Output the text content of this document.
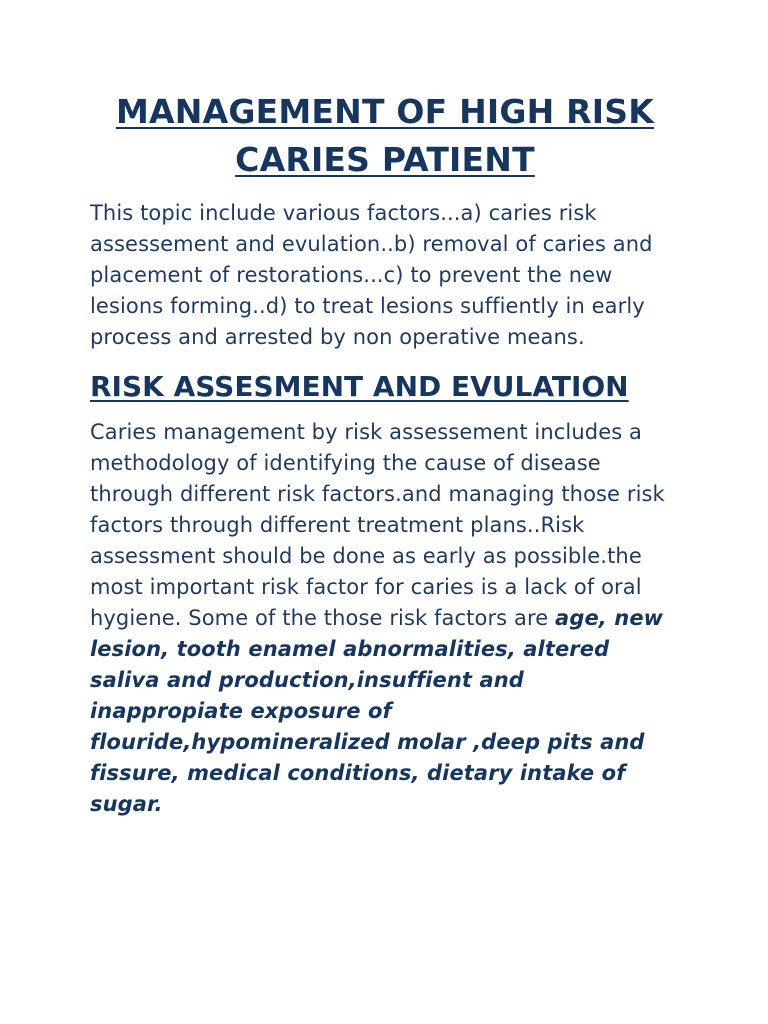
MANAGEMENT OF HIGH RISK
CARIES PATIENT

This topic include various factors...a) caries risk assessement and evulation..b) removal of caries and placement of restorations...c) to prevent the new lesions forming..d) to treat lesions suffiently in early process and arrested by non operative means.

RISK ASSESMENT AND EVULATION

Caries management by risk assessement includes a methodology of identifying the cause of disease through different risk factors.and managing those risk factors through different treatment plans..Risk assessment should be done as early as possible.the most important risk factor for caries is a lack of oral hygiene. Some of the those risk factors are age, new lesion, tooth enamel abnormalities, altered saliva and production,insuffient and inappropiate exposure of flouride,hypomineralized molar ,deep pits and fissure, medical conditions, dietary intake of sugar.
